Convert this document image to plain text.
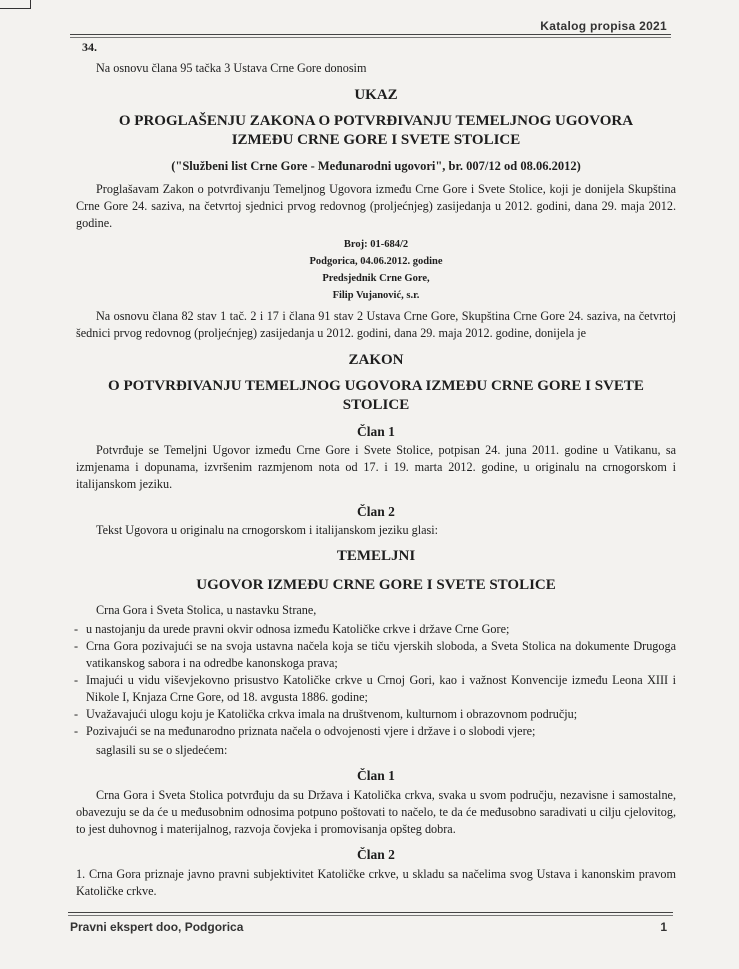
Katalog propisa 2021
34.

Na osnovu člana 95 tačka 3 Ustava Crne Gore donosim

UKAZ

O PROGLAŠENJU ZAKONA O POTVRĐIVANJU TEMELJNOG UGOVORA

IZMEĐU CRNE GORE I SVETE STOLICE

("Službeni list Crne Gore - Međunarodni ugovori", br. 007/12 od 08.06.2012)

Proglašavam Zakon o potvrđivanju Temeljnog Ugovora između Crne Gore i Svete Stolice, koji je donijela Skupština Crne Gore 24. saziva, na četvrtoj sjednici prvog redovnog (proljećnjeg) zasijedanja u 2012. godini, dana 29. maja 2012. godine.

Broj: 01-684/2

Podgorica, 04.06.2012. godine

Predsjednik Crne Gore,

Filip Vujanović, s.r.

Na osnovu člana 82 stav 1 tač. 2 i 17 i člana 91 stav 2 Ustava Crne Gore, Skupština Crne Gore 24. saziva, na četvrtoj šednici prvog redovnog (proljećnjeg) zasijedanja u 2012. godini, dana 29. maja 2012. godine, donijela je

ZAKON

O POTVRĐIVANJU TEMELJNOG UGOVORA IZMEĐU CRNE GORE I SVETE

STOLICE

Član 1

Potvrđuje se Temeljni Ugovor između Crne Gore i Svete Stolice, potpisan 24. juna 2011. godine u Vatikanu, sa izmjenama i dopunama, izvršenim razmjenom nota od 17. i 19. marta 2012. godine, u originalu na crnogorskom i italijanskom jeziku.

Član 2

Tekst Ugovora u originalu na crnogorskom i italijanskom jeziku glasi:

TEMELJNI

UGOVOR IZMEĐU CRNE GORE I SVETE STOLICE

Crna Gora i Sveta Stolica, u nastavku Strane,

- u nastojanju da urede pravni okvir odnosa između Katoličke crkve i države Crne Gore;

- Crna Gora pozivajući se na svoja ustavna načela koja se tiču vjerskih sloboda, a Sveta Stolica na dokumente Drugoga vatikanskog sabora i na odredbe kanonskoga prava;

- Imajući u vidu viševjekovno prisustvo Katoličke crkve u Crnoj Gori, kao i važnost Konvencije između Leona XIII i Nikole I, Knjaza Crne Gore, od 18. avgusta 1886. godine;

- Uvažavajući ulogu koju je Katolička crkva imala na društvenom, kulturnom i obrazovnom području;

- Pozivajući se na međunarodno priznata načela o odvojenosti vjere i države i o slobodi vjere;

saglasili su se o sljedećem:

Član 1

Crna Gora i Sveta Stolica potvrđuju da su Država i Katolička crkva, svaka u svom području, nezavisne i samostalne, obavezuju se da će u međusobnim odnosima potpuno poštovati to načelo, te da će međusobno saradivati u cilju cjelovitog, to jest duhovnog i materijalnog, razvoja čovjeka i promovisanja opšteg dobra.

Član 2

1. Crna Gora priznaje javno pravni subjektivitet Katoličke crkve, u skladu sa načelima svog Ustava i kanonskim pravom Katoličke crkve.

Pravni ekspert doo, Podgorica	1
